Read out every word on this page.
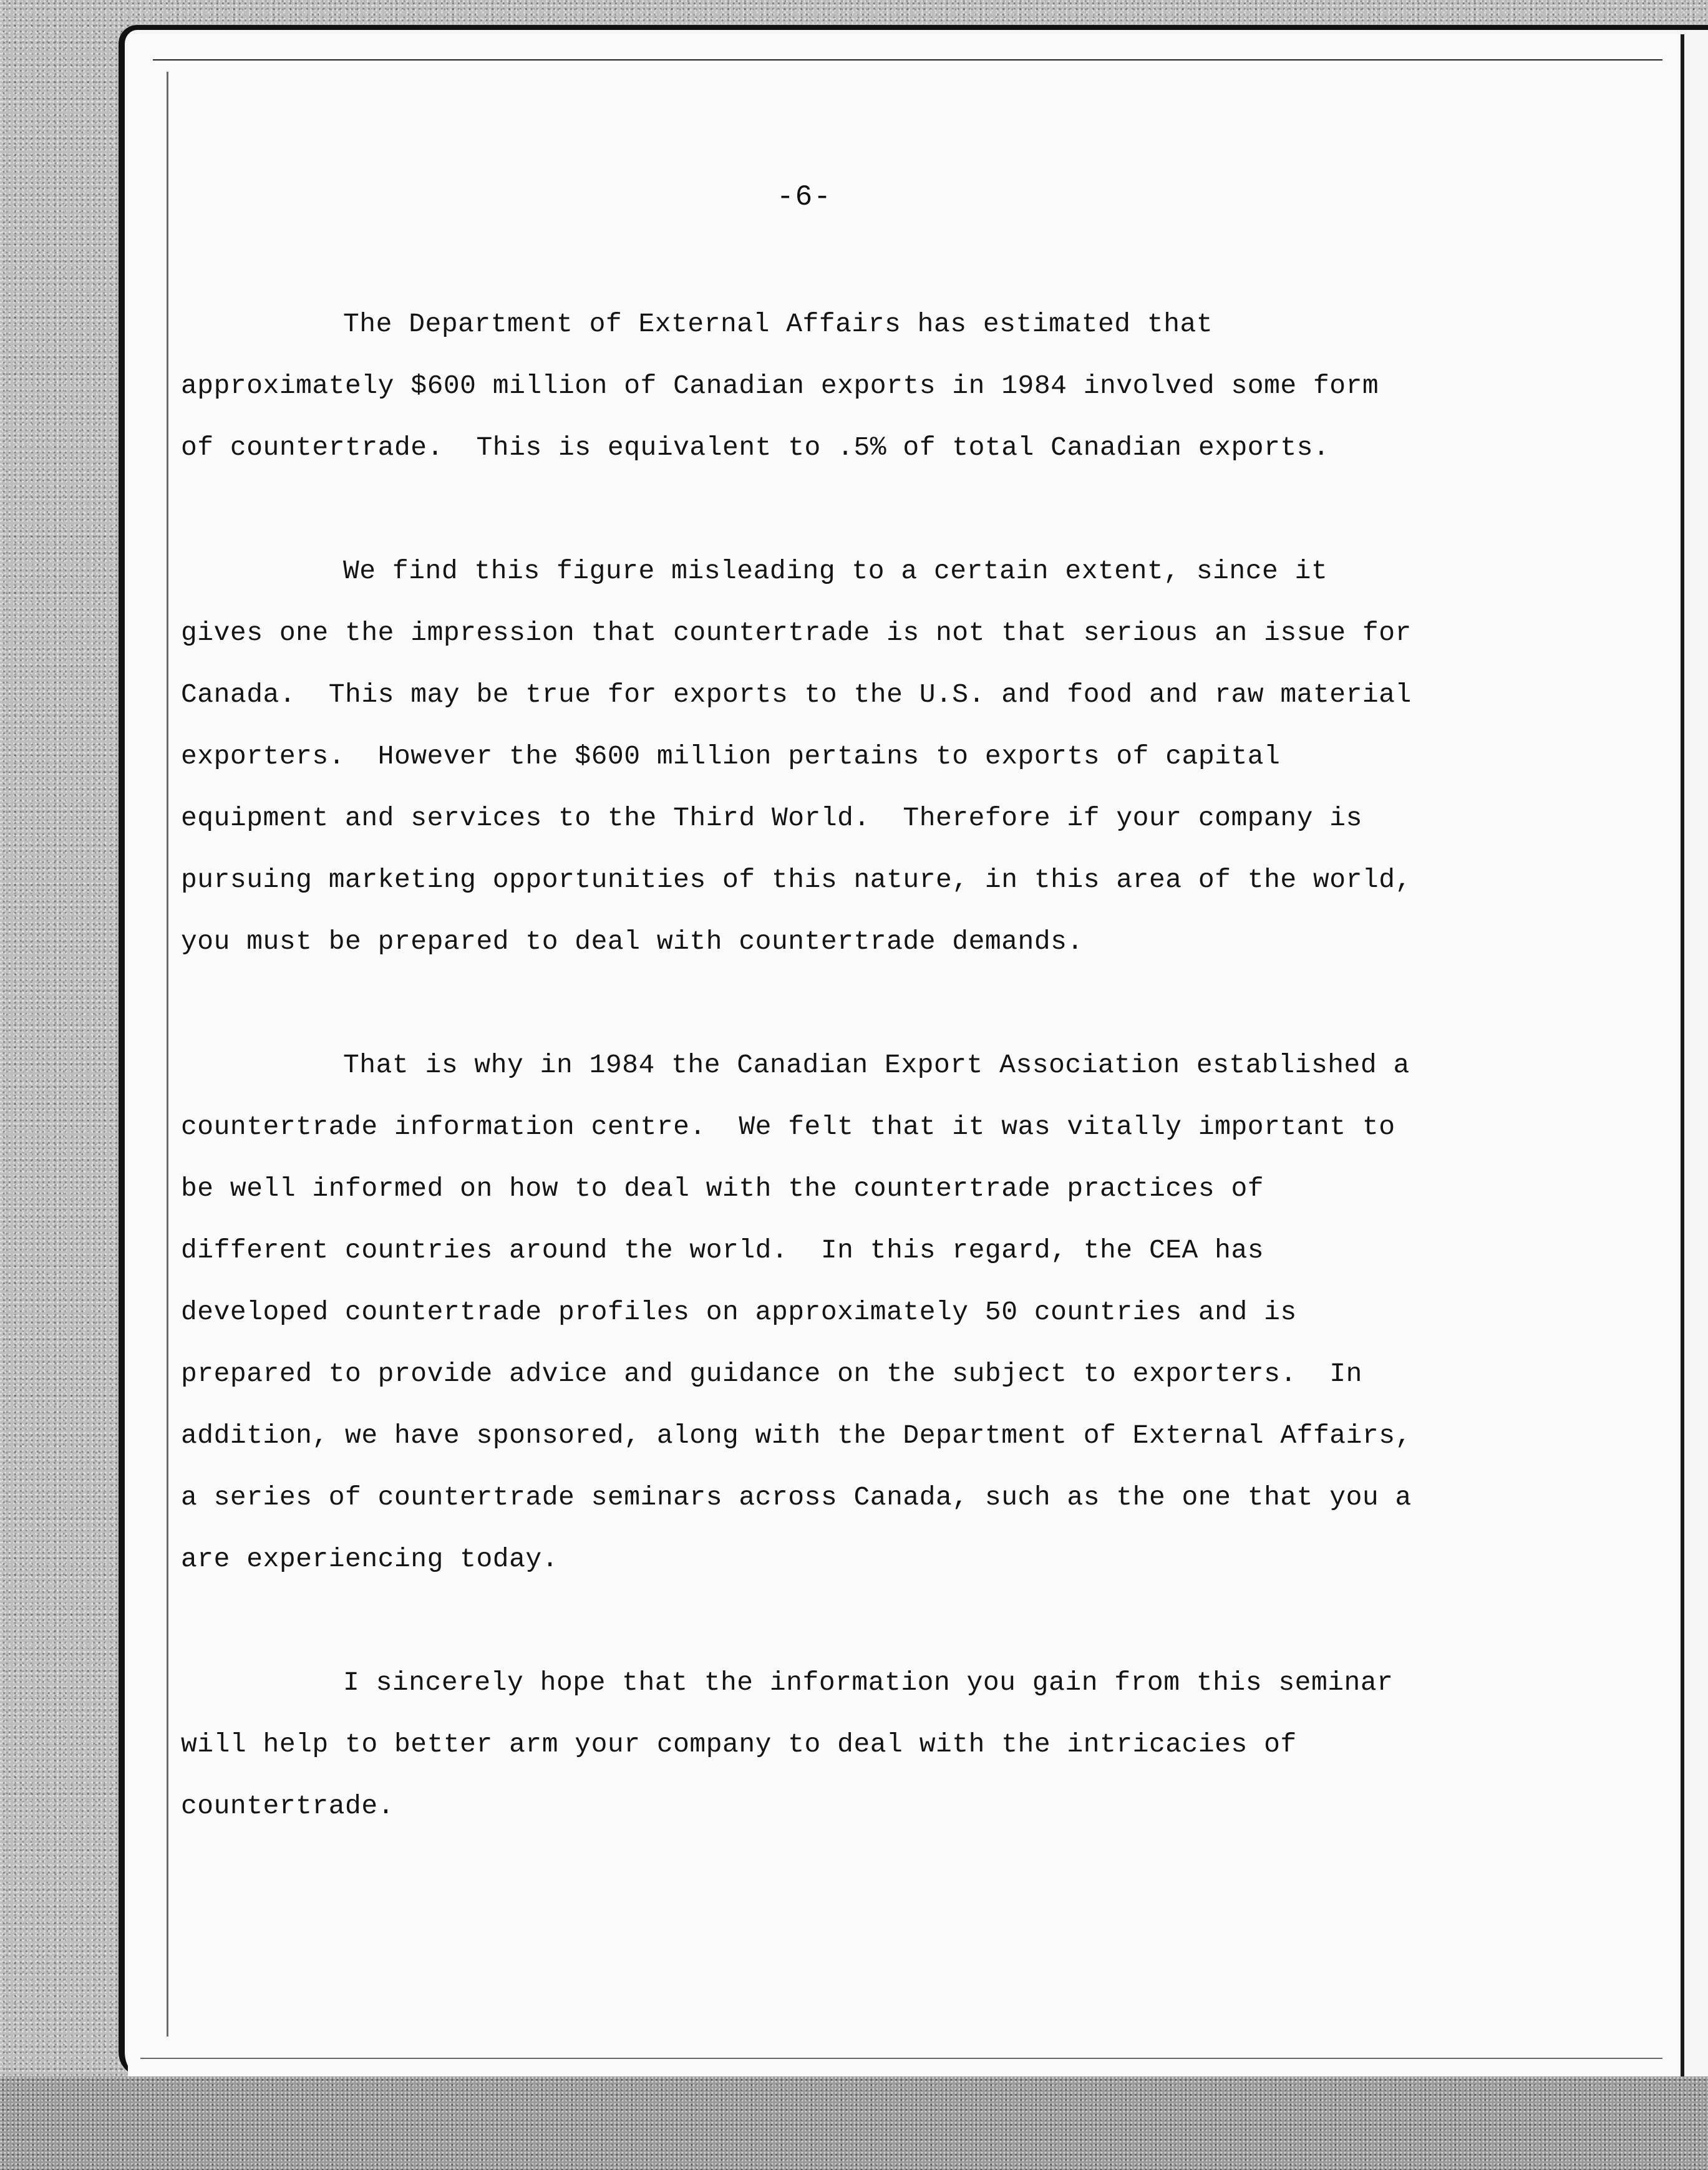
-6-
The Department of External Affairs has estimated that
approximately $600 million of Canadian exports in 1984 involved some form
of countertrade.  This is equivalent to .5% of total Canadian exports.
We find this figure misleading to a certain extent, since it
gives one the impression that countertrade is not that serious an issue for
Canada.  This may be true for exports to the U.S. and food and raw material
exporters.  However the $600 million pertains to exports of capital
equipment and services to the Third World.  Therefore if your company is
pursuing marketing opportunities of this nature, in this area of the world,
you must be prepared to deal with countertrade demands.
That is why in 1984 the Canadian Export Association established a
countertrade information centre.  We felt that it was vitally important to
be well informed on how to deal with the countertrade practices of
different countries around the world.  In this regard, the CEA has
developed countertrade profiles on approximately 50 countries and is
prepared to provide advice and guidance on the subject to exporters.  In
addition, we have sponsored, along with the Department of External Affairs,
a series of countertrade seminars across Canada, such as the one that you a
are experiencing today.
I sincerely hope that the information you gain from this seminar
will help to better arm your company to deal with the intricacies of
countertrade.
